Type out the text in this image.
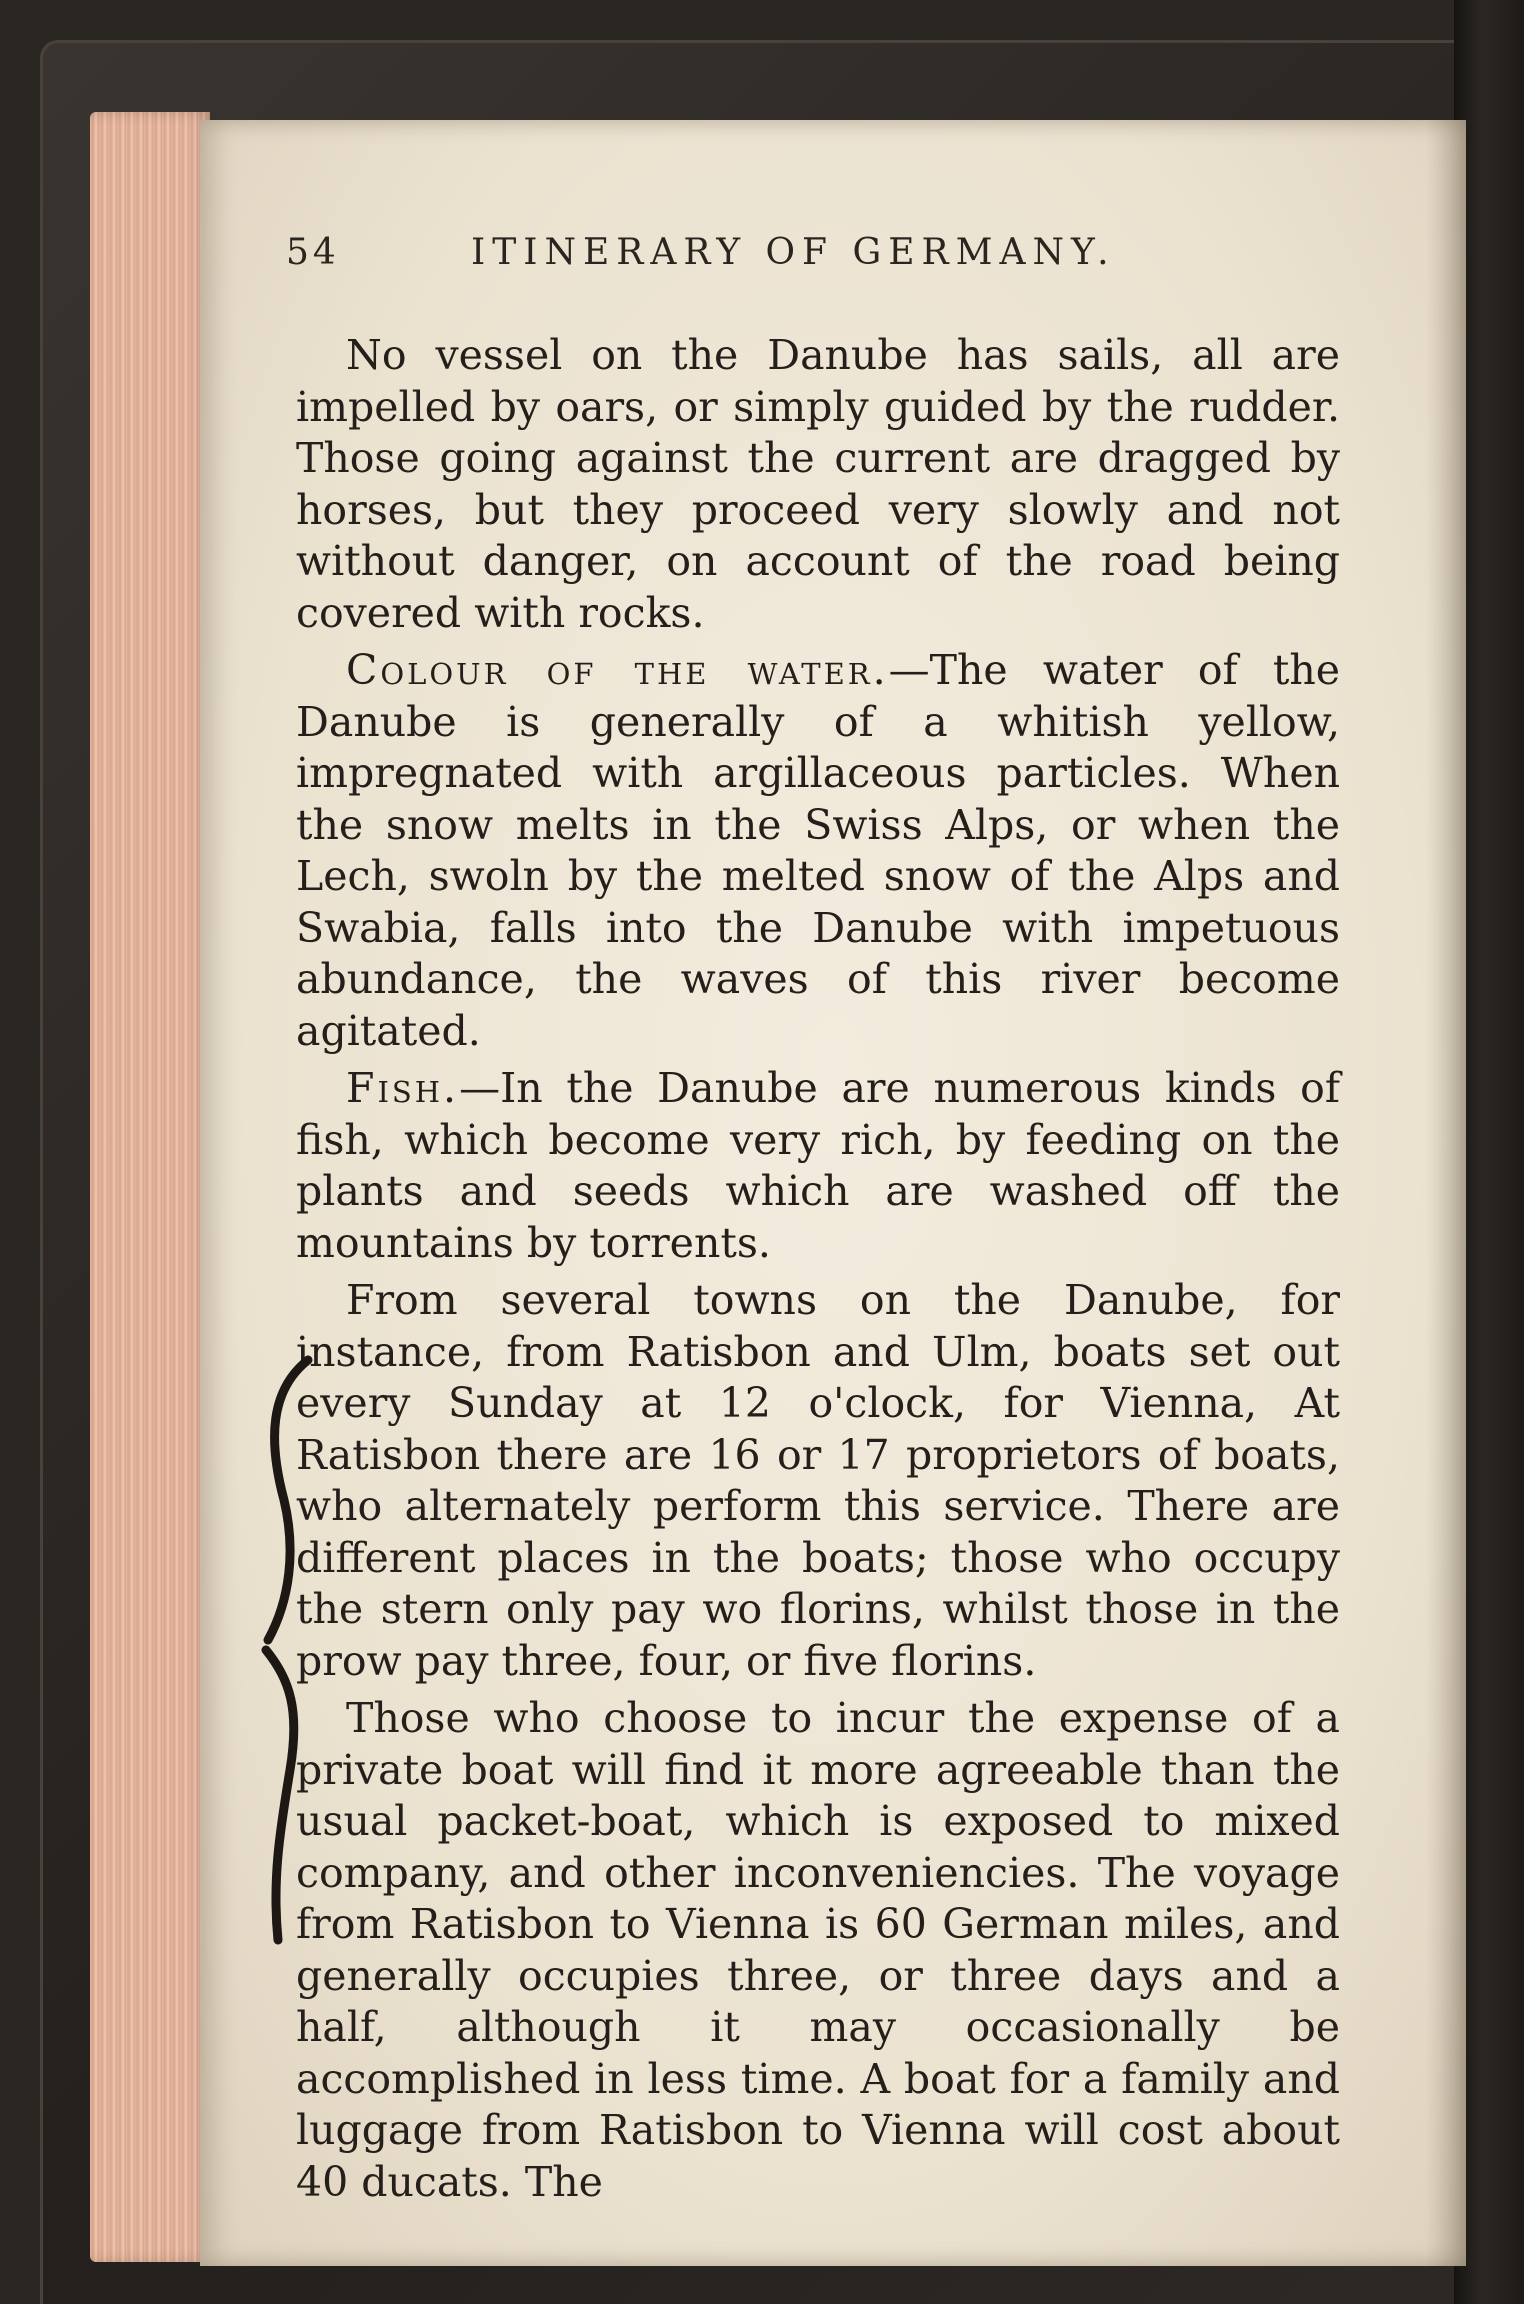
54	ITINERARY OF GERMANY.

No vessel on the Danube has sails, all are impelled by oars, or simply guided by the rudder. Those going against the current are dragged by horses, but they proceed very slowly and not without danger, on account of the road being covered with rocks.

Colour of the water.—The water of the Danube is generally of a whitish yellow, impregnated with argillaceous particles. When the snow melts in the Swiss Alps, or when the Lech, swoln by the melted snow of the Alps and Swabia, falls into the Danube with impetuous abundance, the waves of this river become agitated.

Fish.—In the Danube are numerous kinds of fish, which become very rich, by feeding on the plants and seeds which are washed off the mountains by torrents.

From several towns on the Danube, for instance, from Ratisbon and Ulm, boats set out every Sunday at 12 o'clock, for Vienna, At Ratisbon there are 16 or 17 proprietors of boats, who alternately perform this service. There are different places in the boats; those who occupy the stern only pay wo florins, whilst those in the prow pay three, four, or five florins.

Those who choose to incur the expense of a private boat will find it more agreeable than the usual packet-boat, which is exposed to mixed company, and other inconveniencies. The voyage from Ratisbon to Vienna is 60 German miles, and generally occupies three, or three days and a half, although it may occasionally be accomplished in less time. A boat for a family and luggage from Ratisbon to Vienna will cost about 40 ducats. The
